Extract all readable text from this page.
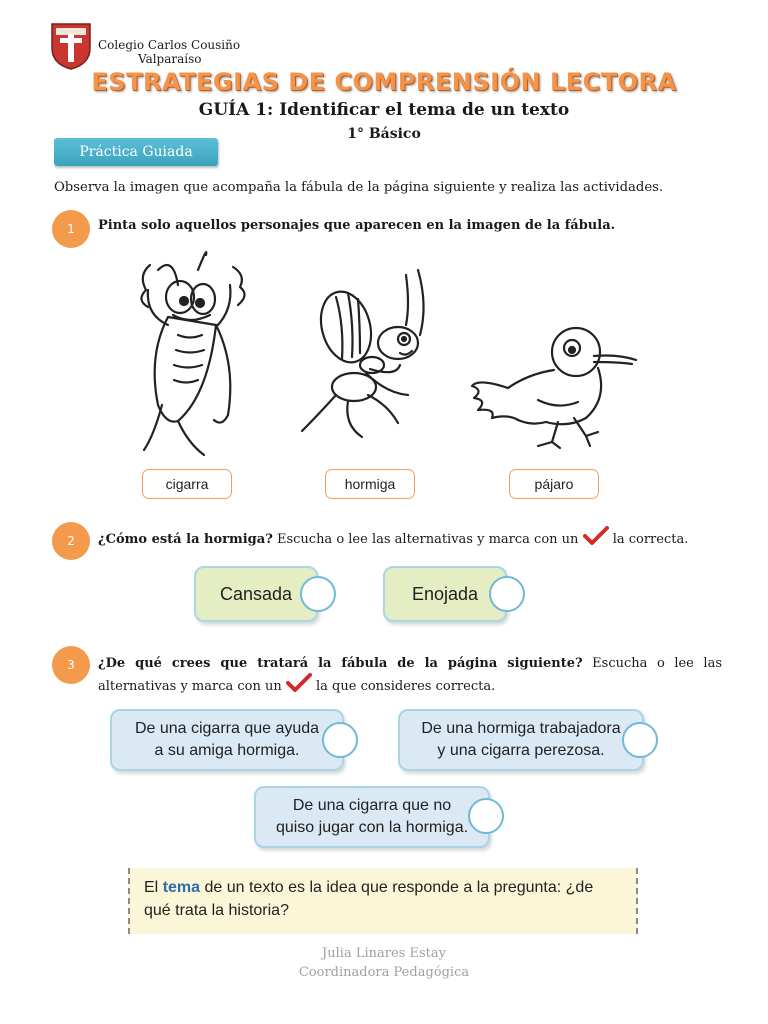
Colegio Carlos Cousiño
Valparaíso
ESTRATEGIAS DE COMPRENSIÓN LECTORA
GUÍA 1: Identificar el tema de un texto
1° Básico
Práctica Guiada
Observa la imagen que acompaña la fábula de la página siguiente y realiza las actividades.
1	Pinta solo aquellos personajes que aparecen en la imagen de la fábula.
cigarra	hormiga	pájaro
2	¿Cómo está la hormiga? Escucha o lee las alternativas y marca con un	la correcta.
Cansada	Enojada
3	¿De qué crees que tratará la fábula de la página siguiente? Escucha o lee las alternativas y marca con un	la que consideres correcta.
De una cigarra que ayuda
a su amiga hormiga.
De una hormiga trabajadora
y una cigarra perezosa.
De una cigarra que no
quiso jugar con la hormiga.
El tema de un texto es la idea que responde a la pregunta: ¿de qué trata la historia?
Julia Linares Estay
Coordinadora Pedagógica
